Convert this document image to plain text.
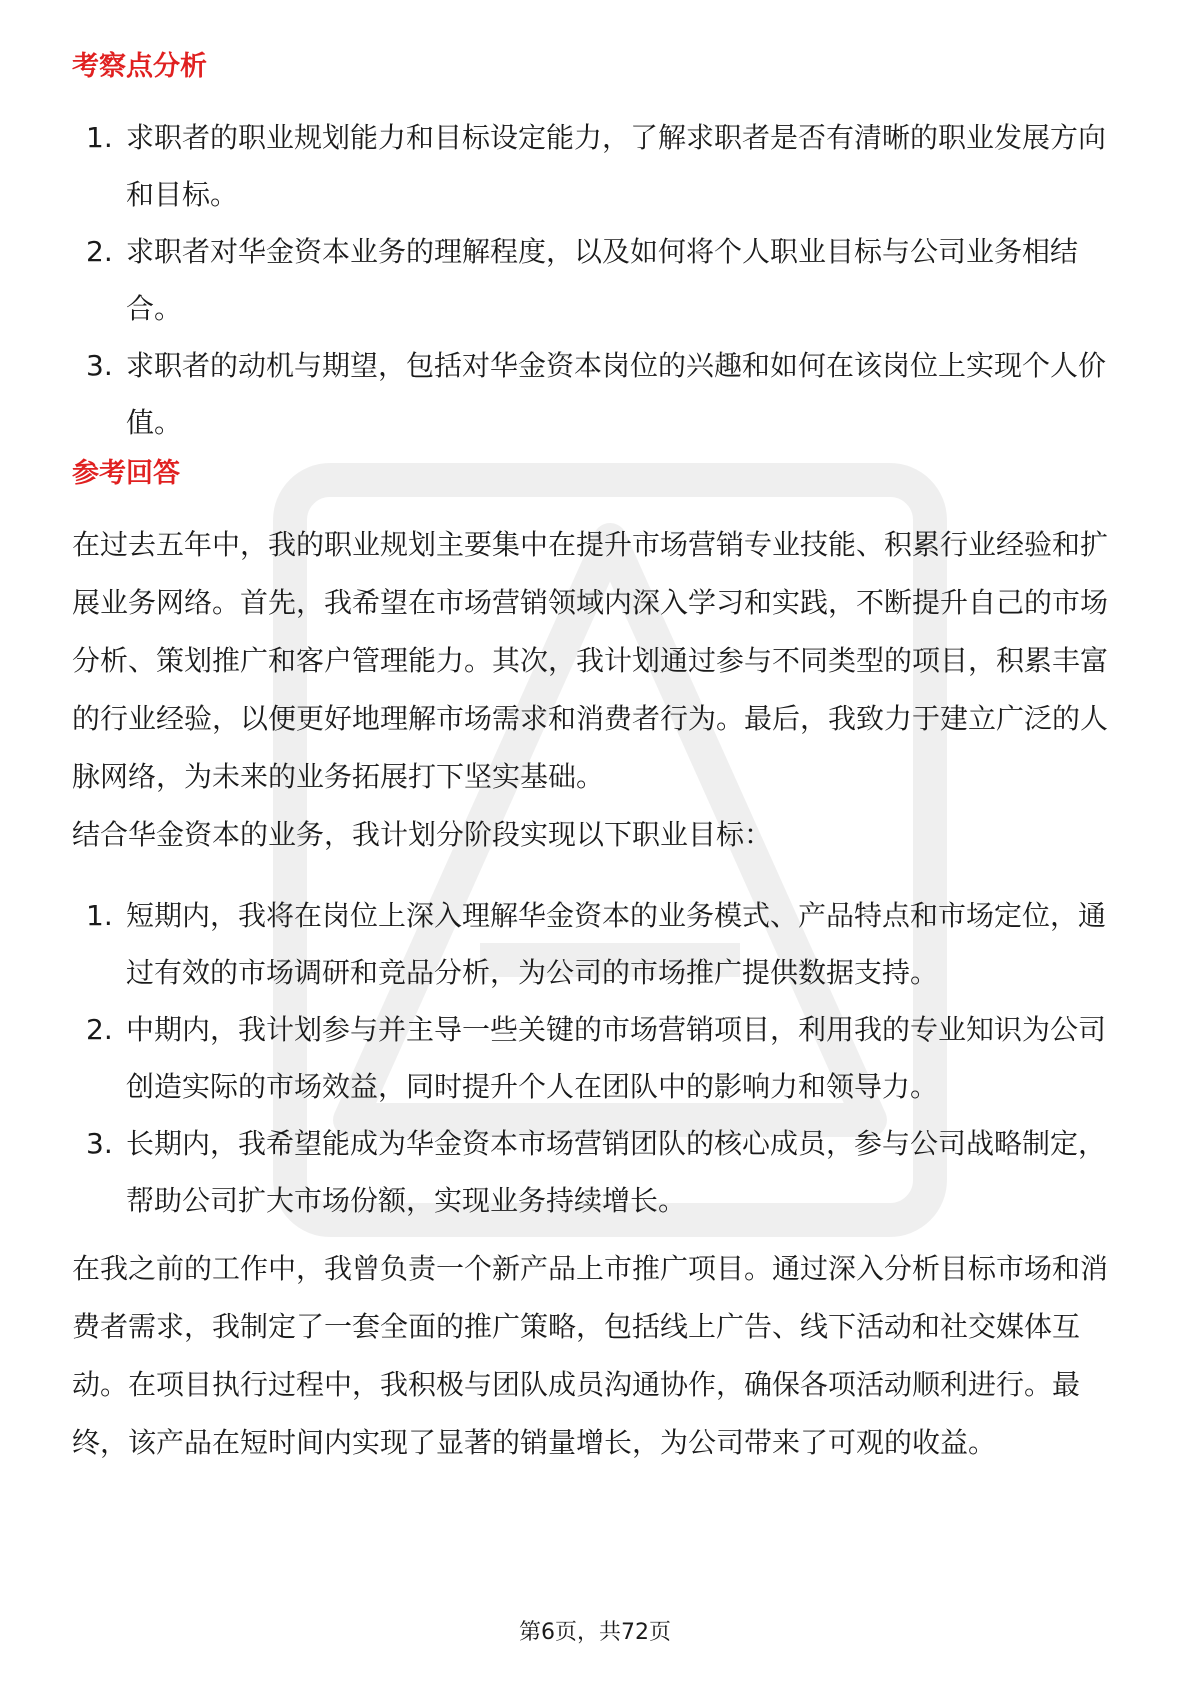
考察点分析
1. 求职者的职业规划能力和目标设定能力，了解求职者是否有清晰的职业发展方向和目标。
2. 求职者对华金资本业务的理解程度，以及如何将个人职业目标与公司业务相结合。
3. 求职者的动机与期望，包括对华金资本岗位的兴趣和如何在该岗位上实现个人价值。
参考回答

在过去五年中，我的职业规划主要集中在提升市场营销专业技能、积累行业经验和扩展业务网络。首先，我希望在市场营销领域内深入学习和实践，不断提升自己的市场分析、策划推广和客户管理能力。其次，我计划通过参与不同类型的项目，积累丰富的行业经验，以便更好地理解市场需求和消费者行为。最后，我致力于建立广泛的人脉网络，为未来的业务拓展打下坚实基础。

结合华金资本的业务，我计划分阶段实现以下职业目标：

1. 短期内，我将在岗位上深入理解华金资本的业务模式、产品特点和市场定位，通过有效的市场调研和竞品分析，为公司的市场推广提供数据支持。
2. 中期内，我计划参与并主导一些关键的市场营销项目，利用我的专业知识为公司创造实际的市场效益，同时提升个人在团队中的影响力和领导力。
3. 长期内，我希望能成为华金资本市场营销团队的核心成员，参与公司战略制定，帮助公司扩大市场份额，实现业务持续增长。

在我之前的工作中，我曾负责一个新产品上市推广项目。通过深入分析目标市场和消费者需求，我制定了一套全面的推广策略，包括线上广告、线下活动和社交媒体互动。在项目执行过程中，我积极与团队成员沟通协作，确保各项活动顺利进行。最终，该产品在短时间内实现了显著的销量增长，为公司带来了可观的收益。

第6页，共72页
